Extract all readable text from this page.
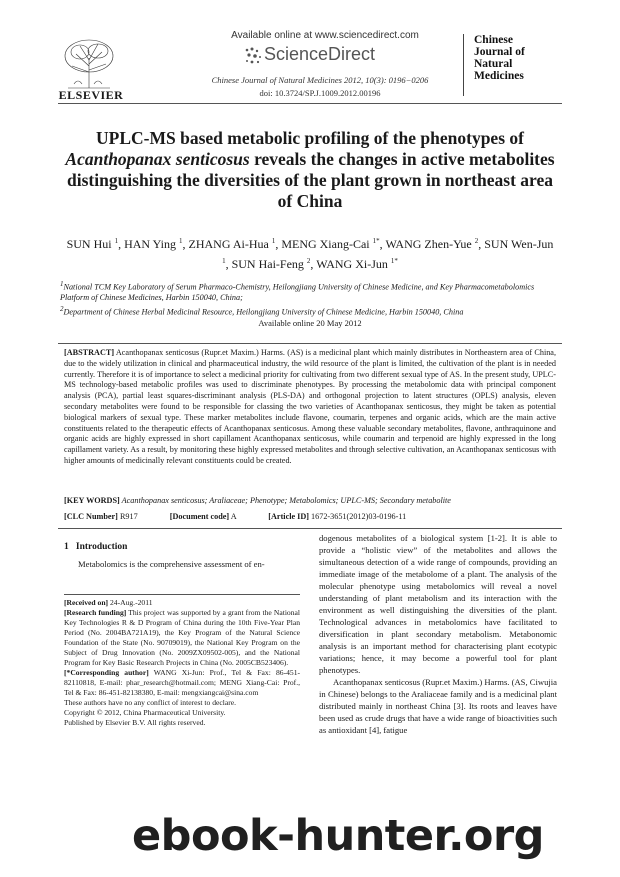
ELSEVIER
Available online at www.sciencedirect.com
ScienceDirect
Chinese Journal of Natural Medicines 2012, 10(3): 0196−0206
doi: 10.3724/SP.J.1009.2012.00196
Chinese
Journal of
Natural
Medicines
UPLC-MS based metabolic profiling of the phenotypes of Acanthopanax senticosus reveals the changes in active metabolites distinguishing the diversities of the plant grown in northeast area of China
SUN Hui $^1$, HAN Ying $^1$, ZHANG Ai-Hua $^1$, MENG Xiang-Cai $^{1*}$, WANG Zhen-Yue $^2$, SUN Wen-Jun $^1$, SUN Hai-Feng $^2$, WANG Xi-Jun $^{1*}$
$^1$National TCM Key Laboratory of Serum Pharmaco-Chemistry, Heilongjiang University of Chinese Medicine, and Key Pharmacometabolomics Platform of Chinese Medicines, Harbin 150040, China;
$^2$Department of Chinese Herbal Medicinal Resource, Heilongjiang University of Chinese Medicine, Harbin 150040, China
Available online 20 May 2012
[ABSTRACT] Acanthopanax senticosus (Rupr.et Maxim.) Harms. (AS) is a medicinal plant which mainly distributes in Northeastern area of China, due to the widely utilization in clinical and pharmaceutical industry, the wild resource of the plant is limited, the cultivation of the plant is in needed currently. Therefore it is of importance to select a medicinal priority for cultivating from two different sexual type of AS. In the present study, UPLC-MS technology-based metabolic profiles was used to discriminate phenotypes. By processing the metabolomic data with principal component analysis (PCA), partial least squares-discriminant analysis (PLS-DA) and orthogonal projection to latent structures (OPLS) analysis, eleven secondary metabolites were found to be responsible for classing the two varieties of Acanthopanax senticosus, they might be taken as potential biological markers of sexual type. These marker metabolites include flavone, coumarin, terpenes and organic acids, which are the main active constituents related to the therapeutic effects of Acanthopanax senticosus. Among these valuable secondary metabolites, flavone, anthraquinone and organic acids are highly expressed in short capillament Acanthopanax senticosus, while coumarin and terpenoid are highly expressed in the long capillament variety. As a result, by monitoring these highly expressed metabolites and through selective cultivation, an Acanthopanax senticosus with higher amounts of medicinally relevant constituents could be created.
[KEY WORDS] Acanthopanax senticosus; Araliaceae; Phenotype; Metabolomics; UPLC-MS; Secondary metabolite
[CLC Number] R917	[Document code] A	[Article ID] 1672-3651(2012)03-0196-11
1 Introduction
Metabolomics is the comprehensive assessment of en-
[Received on] 24-Aug.-2011
[Research funding] This project was supported by a grant from the National Key Technologies R & D Program of China during the 10th Five-Year Plan Period (No. 2004BA721A19), the Key Program of the Natural Science Foundation of the State (No. 90709019), the National Key Program on the Subject of Drug Innovation (No. 2009ZX09502-005), and the National Program for Key Basic Research Projects in China (No. 2005CB523406).
[*Corresponding author] WANG Xi-Jun: Prof., Tel & Fax: 86-451-82110818, E-mail: phar_research@hotmail.com; MENG Xiang-Cai: Prof., Tel & Fax: 86-451-82138380, E-mail: mengxiangcai@sina.com
These authors have no any conflict of interest to declare.
Copyright © 2012, China Pharmaceutical University.
Published by Elsevier B.V. All rights reserved.
dogenous metabolites of a biological system [1-2]. It is able to provide a “holistic view” of the metabolites and allows the simultaneous detection of a wide range of compounds, providing an immediate image of the metabolome of a plant. The analysis of the molecular phenotype using metabolomics will reveal a novel understanding of plant metabolism and its interaction with the environment as well distinguishing the diversities of the plant. Technological advances in metabolomics have facilitated to diversification in plant secondary metabolism. Metabonomic analysis is an important method for characterising plant ecotypic variations; hence, it may become a powerful tool for plant phenotypes.
Acanthopanax senticosus (Rupr.et Maxim.) Harms. (AS, Ciwujia in Chinese) belongs to the Araliaceae family and is a medicinal plant distributed mainly in northeast China [3]. Its roots and leaves have been used as crude drugs that have a wide range of bioactivities such as antioxidant [4], fatigue
ebook-hunter.org
